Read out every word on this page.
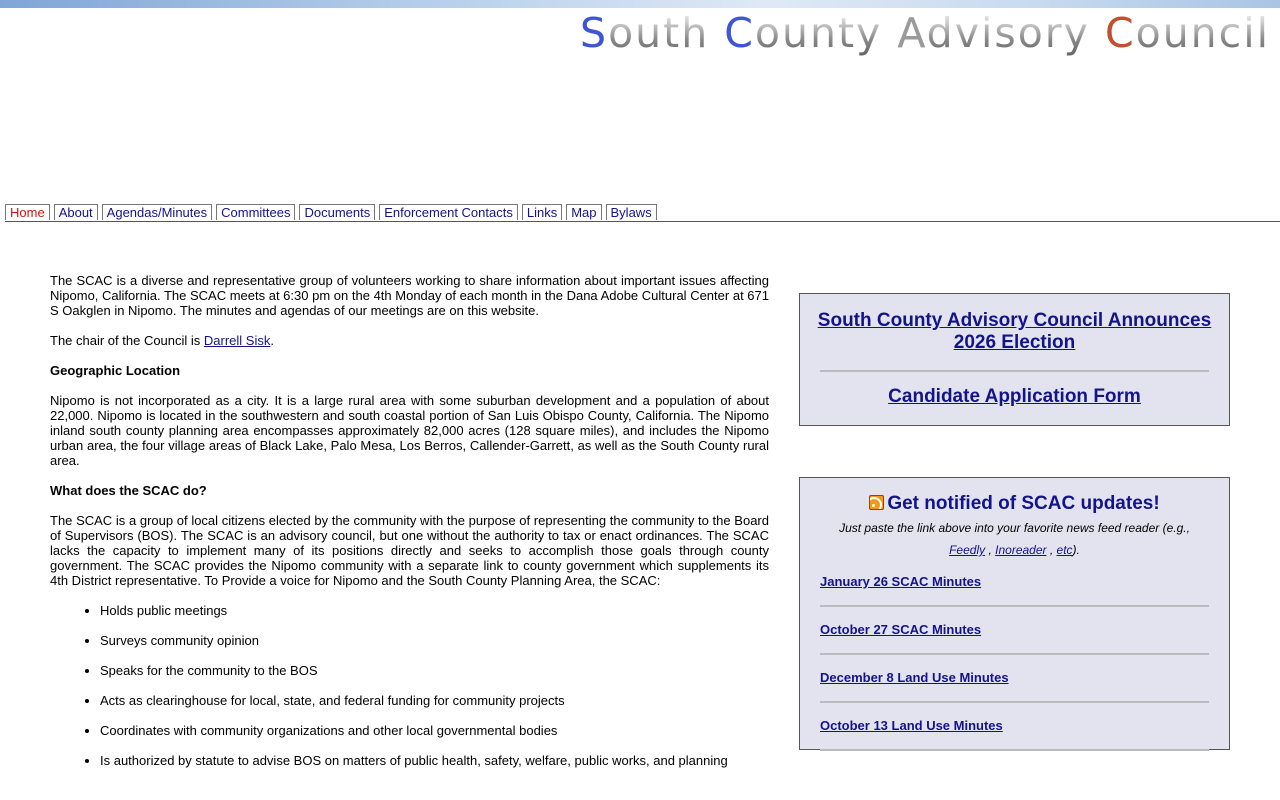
South County Advisory Council
Home	About	Agendas/Minutes	Committees	Documents	Enforcement Contacts	Links	Map	Bylaws

The SCAC is a diverse and representative group of volunteers working to share information about important issues affecting Nipomo, California. The SCAC meets at 6:30 pm on the 4th Monday of each month in the Dana Adobe Cultural Center at 671 S Oakglen in Nipomo. The minutes and agendas of our meetings are on this website.

The chair of the Council is Darrell Sisk.

Geographic Location

Nipomo is not incorporated as a city. It is a large rural area with some suburban development and a population of about 22,000. Nipomo is located in the southwestern and south coastal portion of San Luis Obispo County, California. The Nipomo inland south county planning area encompasses approximately 82,000 acres (128 square miles), and includes the Nipomo urban area, the four village areas of Black Lake, Palo Mesa, Los Berros, Callender-Garrett, as well as the South County rural area.

What does the SCAC do?

The SCAC is a group of local citizens elected by the community with the purpose of representing the community to the Board of Supervisors (BOS). The SCAC is an advisory council, but one without the authority to tax or enact ordinances. The SCAC lacks the capacity to implement many of its positions directly and seeks to accomplish those goals through county government. The SCAC provides the Nipomo community with a separate link to county government which supplements its 4th District representative. To Provide a voice for Nipomo and the South County Planning Area, the SCAC:

• Holds public meetings
• Surveys community opinion
• Speaks for the community to the BOS
• Acts as clearinghouse for local, state, and federal funding for community projects
• Coordinates with community organizations and other local governmental bodies
• Is authorized by statute to advise BOS on matters of public health, safety, welfare, public works, and planning
South County Advisory Council Announces 2026 Election
Candidate Application Form
Get notified of SCAC updates!
Just paste the link above into your favorite news feed reader (e.g.,
Feedly , Inoreader , etc).
January 26 SCAC Minutes
October 27 SCAC Minutes
December 8 Land Use Minutes
October 13 Land Use Minutes
